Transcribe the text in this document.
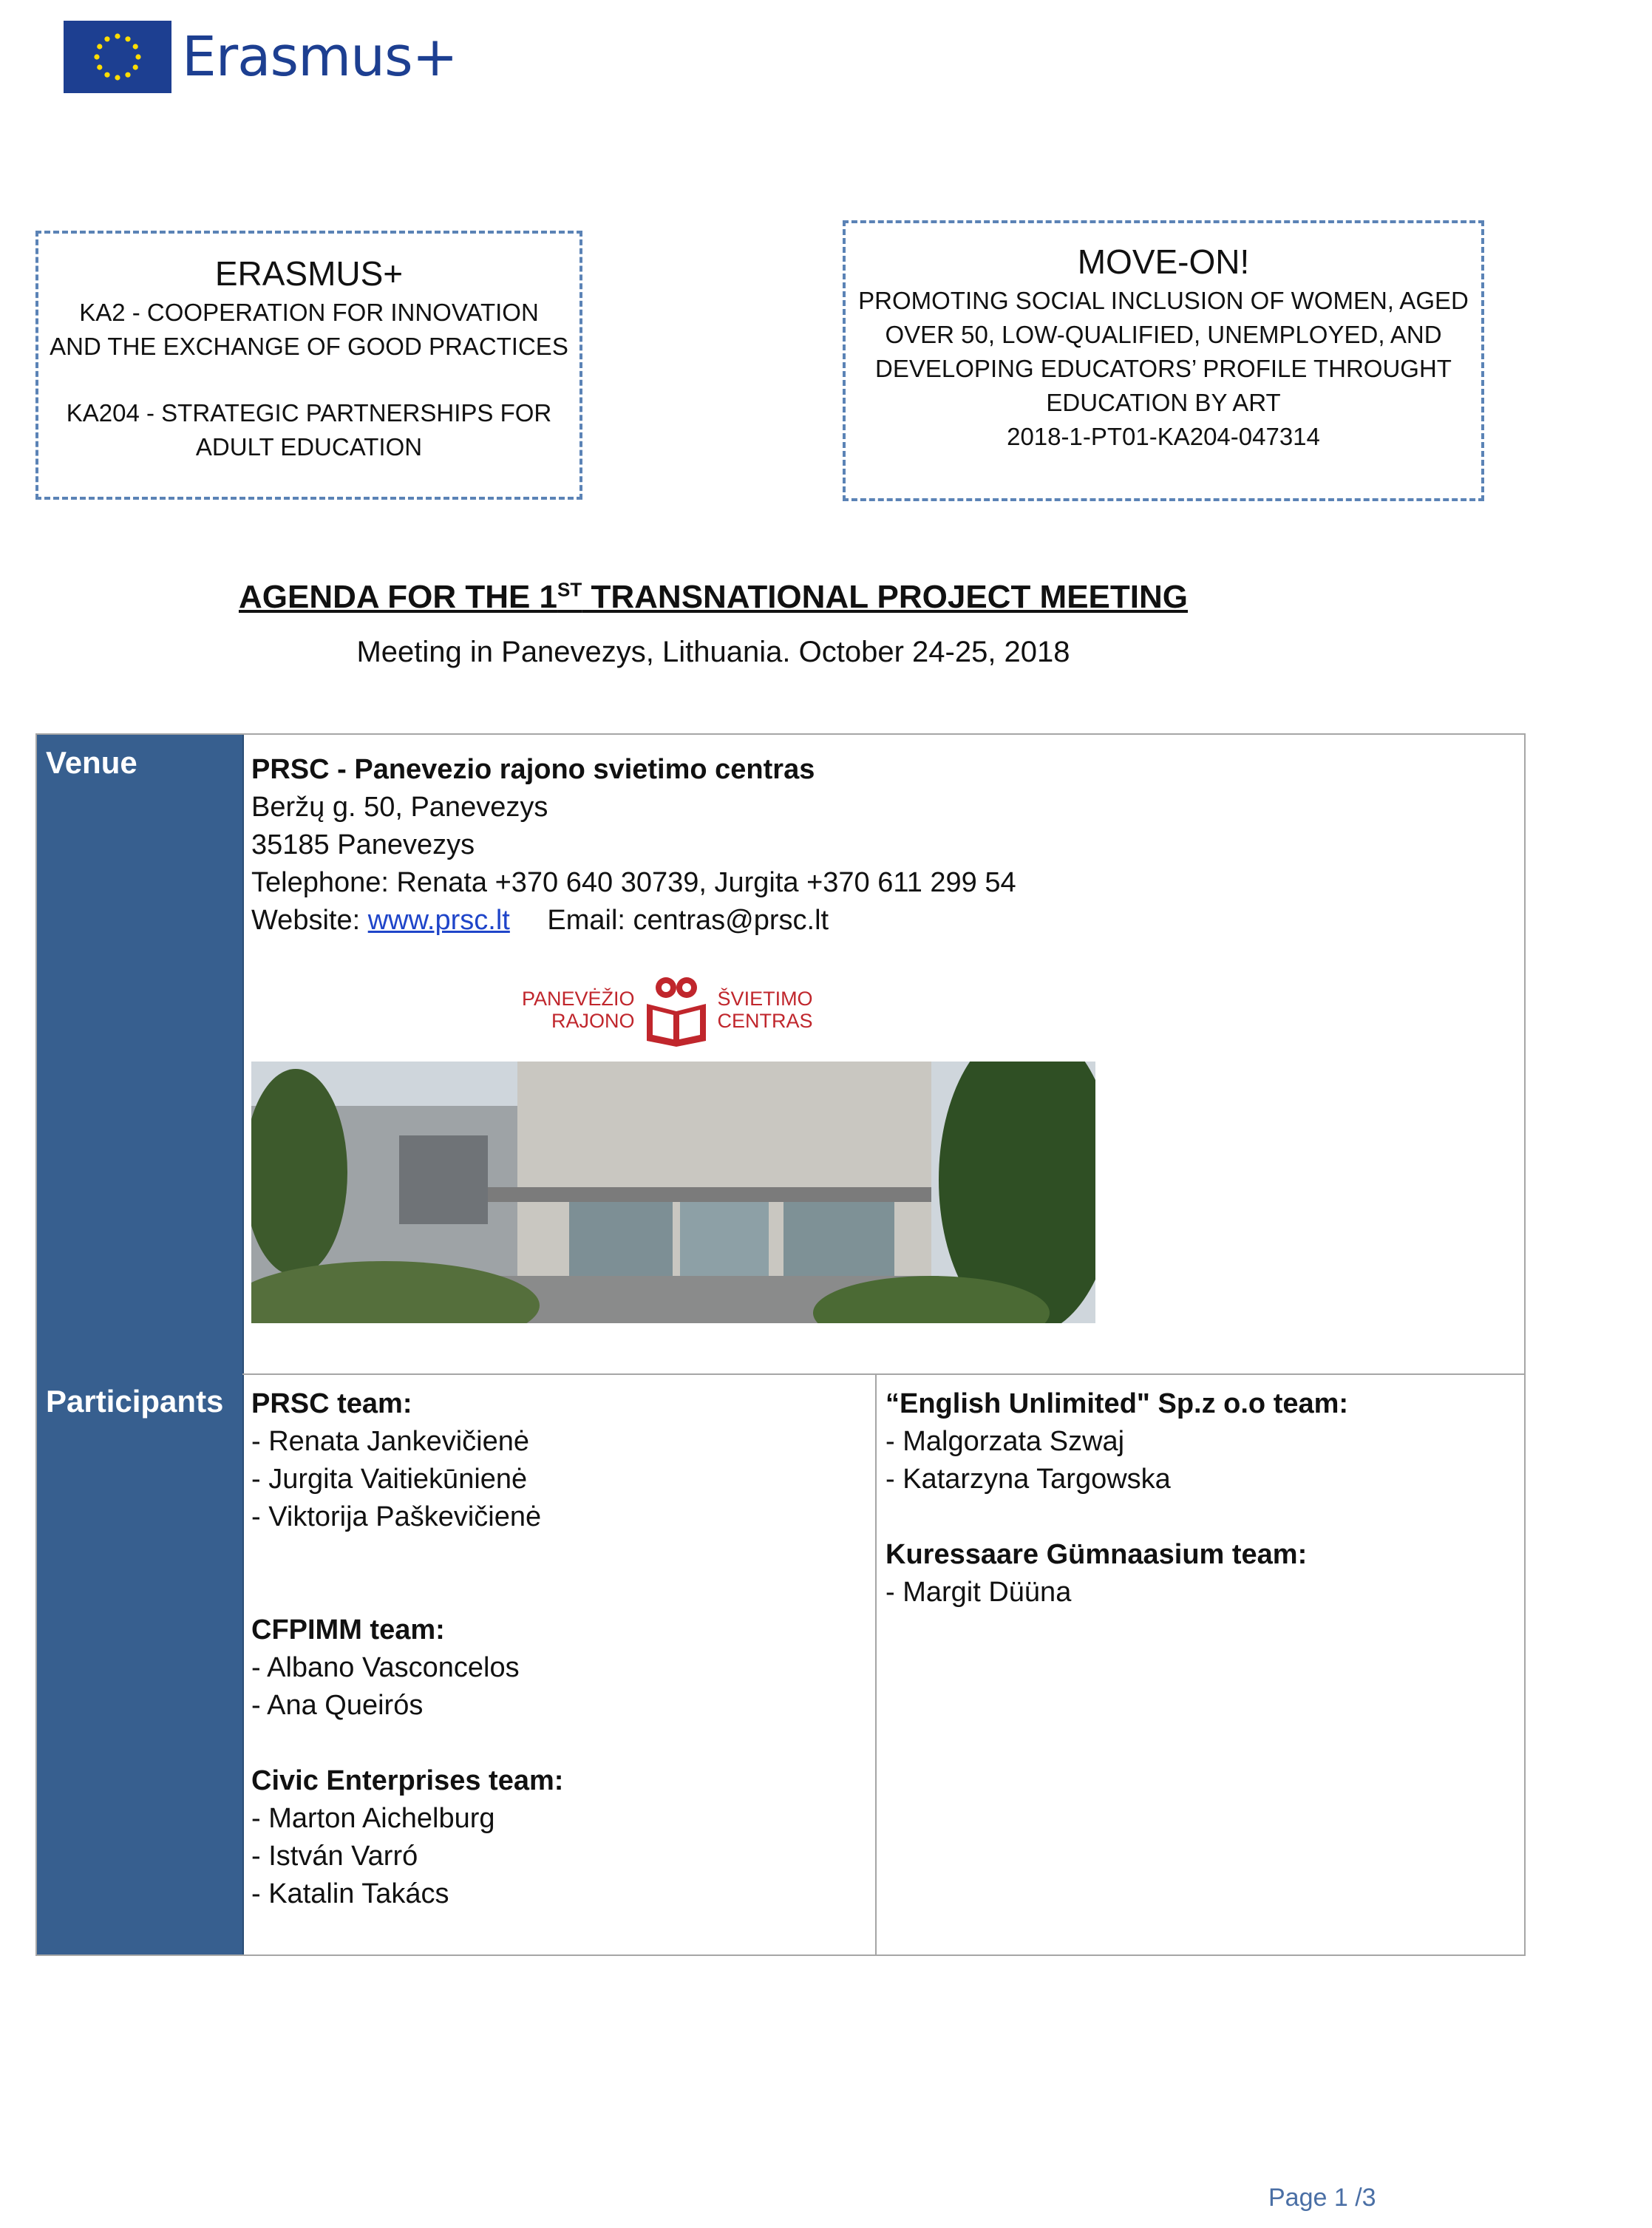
Erasmus+
ERASMUS+
KA2 - COOPERATION FOR INNOVATION
AND THE EXCHANGE OF GOOD PRACTICES
KA204 - STRATEGIC PARTNERSHIPS FOR
ADULT EDUCATION
MOVE-ON!
PROMOTING SOCIAL INCLUSION OF WOMEN, AGED
OVER 50, LOW-QUALIFIED, UNEMPLOYED, AND
DEVELOPING EDUCATORS’ PROFILE THROUGHT
EDUCATION BY ART
2018-1-PT01-KA204-047314
AGENDA FOR THE 1ST TRANSNATIONAL PROJECT MEETING
Meeting in Panevezys, Lithuania. October 24-25, 2018
Venue
Participants
PRSC - Panevezio rajono svietimo centras
Beržų g. 50, Panevezys
35185 Panevezys
Telephone: Renata +370 640 30739, Jurgita +370 611 299 54
Website: www.prsc.lt Email: centras@prsc.lt
PANEVĖŽIO
RAJONO
ŠVIETIMO
CENTRAS
PRSC team:
- Renata Jankevičienė
- Jurgita Vaitiekūnienė
- Viktorija Paškevičienė
CFPIMM team:
- Albano Vasconcelos
- Ana Queirós
Civic Enterprises team:
- Marton Aichelburg
- István Varró
- Katalin Takács
“English Unlimited" Sp.z o.o team:
- Malgorzata Szwaj
- Katarzyna Targowska
Kuressaare Gümnaasium team:
- Margit Düüna
Page 1 /3
